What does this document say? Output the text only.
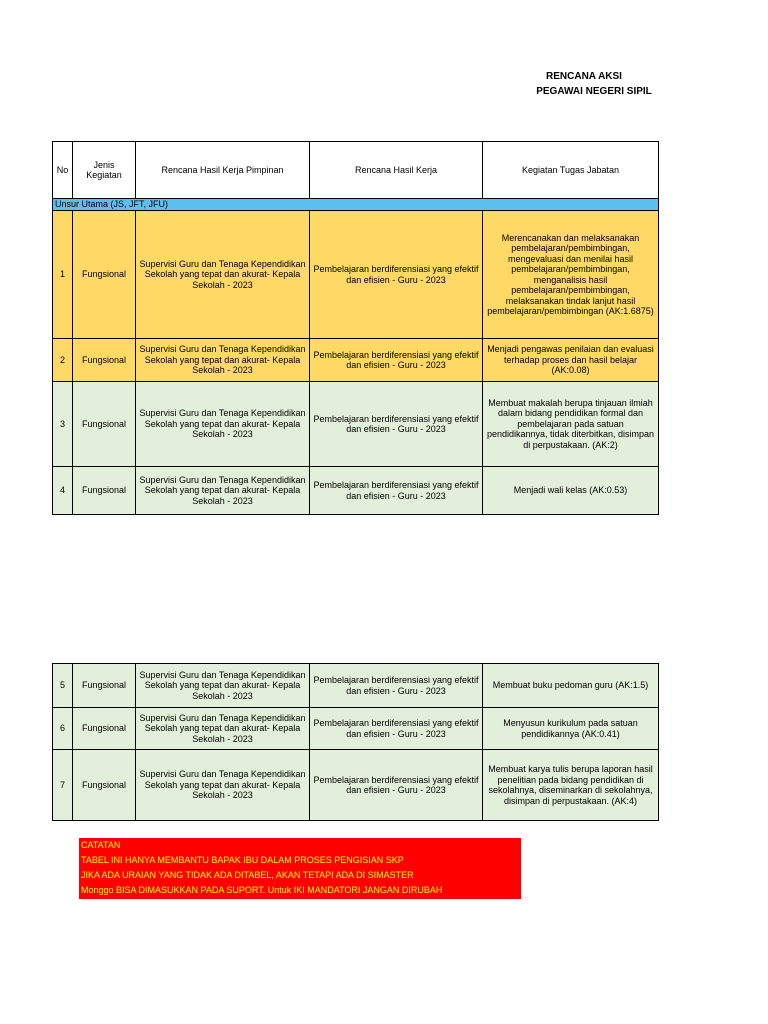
RENCANA AKSI
PEGAWAI NEGERI SIPIL
No	Jenis Kegiatan	Rencana Hasil Kerja Pimpinan	Rencana Hasil Kerja	Kegiatan Tugas Jabatan
Unsur Utama (JS, JFT, JFU)				
1	Fungsional	Supervisi Guru dan Tenaga Kependidikan Sekolah yang tepat dan akurat- Kepala Sekolah - 2023	Pembelajaran berdiferensiasi yang efektif dan efisien - Guru - 2023	Merencanakan dan melaksanakan pembelajaran/pembimbingan, mengevaluasi dan menilai hasil pembelajaran/pembimbingan, menganalisis hasil pembelajaran/pembimbingan, melaksanakan tindak lanjut hasil pembelajaran/pembimbingan (AK:1.6875)
2	Fungsional	Supervisi Guru dan Tenaga Kependidikan Sekolah yang tepat dan akurat- Kepala Sekolah - 2023	Pembelajaran berdiferensiasi yang efektif dan efisien - Guru - 2023	Menjadi pengawas penilaian dan evaluasi terhadap proses dan hasil belajar (AK:0.08)
3	Fungsional	Supervisi Guru dan Tenaga Kependidikan Sekolah yang tepat dan akurat- Kepala Sekolah - 2023	Pembelajaran berdiferensiasi yang efektif dan efisien - Guru - 2023	Membuat makalah berupa tinjauan ilmiah dalam bidang pendidikan formal dan pembelajaran pada satuan pendidikannya, tidak diterbitkan, disimpan di perpustakaan. (AK:2)
4	Fungsional	Supervisi Guru dan Tenaga Kependidikan Sekolah yang tepat dan akurat- Kepala Sekolah - 2023	Pembelajaran berdiferensiasi yang efektif dan efisien - Guru - 2023	Menjadi wali kelas (AK:0.53)
5	Fungsional	Supervisi Guru dan Tenaga Kependidikan Sekolah yang tepat dan akurat- Kepala Sekolah - 2023	Pembelajaran berdiferensiasi yang efektif dan efisien - Guru - 2023	Membuat buku pedoman guru (AK:1.5)
6	Fungsional	Supervisi Guru dan Tenaga Kependidikan Sekolah yang tepat dan akurat- Kepala Sekolah - 2023	Pembelajaran berdiferensiasi yang efektif dan efisien - Guru - 2023	Menyusun kurikulum pada satuan pendidikannya (AK:0.41)
7	Fungsional	Supervisi Guru dan Tenaga Kependidikan Sekolah yang tepat dan akurat- Kepala Sekolah - 2023	Pembelajaran berdiferensiasi yang efektif dan efisien - Guru - 2023	Membuat karya tulis berupa laporan hasil penelitian pada bidang pendidikan di sekolahnya, diseminarkan di sekolahnya, disimpan di perpustakaan. (AK:4)
CATATAN
TABEL INI HANYA MEMBANTU BAPAK IBU DALAM PROSES PENGISIAN SKP
JIKA ADA URAIAN YANG TIDAK ADA DITABEL, AKAN TETAPI ADA DI SIMASTER
Monggo BISA DIMASUKKAN PADA SUPORT. Untuk IKI MANDATORI JANGAN DIRUBAH
